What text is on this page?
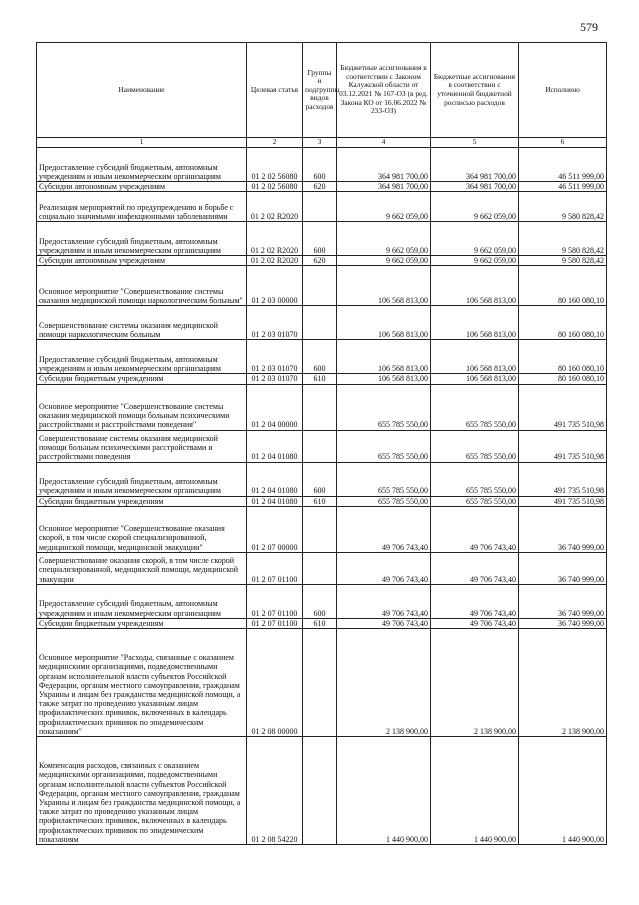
579
Наименование	Целевая статья	Группы и подгруппы видов расходов	Бюджетные ассигнования в соответствии с Законом Калужской области от 03.12.2021 № 167-ОЗ (в ред. Закона КО от 16.06.2022 № 233-ОЗ)	Бюджетные ассигнования в соответствии с уточненной бюджетной росписью расходов	Исполнено
1	2	3	4	5	6
Предоставление субсидий бюджетным, автономным учреждениям и иным некоммерческим организациям	01 2 02 56080	600	364 981 700,00	364 981 700,00	46 511 999,00
Субсидии автономным учреждениям	01 2 02 56080	620	364 981 700,00	364 981 700,00	46 511 999,00
Реализация мероприятий по предупреждению и борьбе с социально значимыми инфекционными заболеваниями	01 2 02 R2020		9 662 059,00	9 662 059,00	9 580 828,42
Предоставление субсидий бюджетным, автономным учреждениям и иным некоммерческим организациям	01 2 02 R2020	600	9 662 059,00	9 662 059,00	9 580 828,42
Субсидии автономным учреждениям	01 2 02 R2020	620	9 662 059,00	9 662 059,00	9 580 828,42
Основное мероприятие "Совершенствование системы оказания медицинской помощи наркологическим больным"	01 2 03 00000		106 568 813,00	106 568 813,00	80 160 080,10
Совершенствование системы оказания медицинской помощи наркологическим больным	01 2 03 01070		106 568 813,00	106 568 813,00	80 160 080,10
Предоставление субсидий бюджетным, автономным учреждениям и иным некоммерческим организациям	01 2 03 01070	600	106 568 813,00	106 568 813,00	80 160 080,10
Субсидии бюджетным учреждениям	01 2 03 01070	610	106 568 813,00	106 568 813,00	80 160 080,10
Основное мероприятие "Совершенствование системы оказания медицинской помощи больным психическими расстройствами и расстройствами поведения"	01 2 04 00000		655 785 550,00	655 785 550,00	491 735 510,98
Совершенствование системы оказания медицинской помощи больным психическими расстройствами и расстройствами поведения	01 2 04 01080		655 785 550,00	655 785 550,00	491 735 510,98
Предоставление субсидий бюджетным, автономным учреждениям и иным некоммерческим организациям	01 2 04 01080	600	655 785 550,00	655 785 550,00	491 735 510,98
Субсидии бюджетным учреждениям	01 2 04 01080	610	655 785 550,00	655 785 550,00	491 735 510,98
Основное мероприятие "Совершенствование оказания скорой, в том числе скорой специализированной, медицинской помощи, медицинской эвакуации"	01 2 07 00000		49 706 743,40	49 706 743,40	36 740 999,00
Совершенствование оказания скорой, в том числе скорой специализированной, медицинской помощи, медицинской эвакуации	01 2 07 01100		49 706 743,40	49 706 743,40	36 740 999,00
Предоставление субсидий бюджетным, автономным учреждениям и иным некоммерческим организациям	01 2 07 01100	600	49 706 743,40	49 706 743,40	36 740 999,00
Субсидии бюджетным учреждениям	01 2 07 01100	610	49 706 743,40	49 706 743,40	36 740 999,00
Основное мероприятие "Расходы, связанные с оказанием медицинскими организациями, подведомственными органам исполнительной власти субъектов Российской Федерации, органам местного самоуправления, гражданам Украины и лицам без гражданства медицинской помощи, а также затрат по проведению указанным лицам профилактических прививок, включенных в календарь профилактических прививок по эпидемическим показаниям"	01 2 08 00000		2 138 900,00	2 138 900,00	2 138 900,00
Компенсация расходов, связанных с оказанием медицинскими организациями, подведомственными органам исполнительной власти субъектов Российской Федерации, органам местного самоуправления, гражданам Украины и лицам без гражданства медицинской помощи, а также затрат по проведению указанным лицам профилактических прививок, включенных в календарь профилактических прививок по эпидемическим показаниям	01 2 08 54220		1 440 900,00	1 440 900,00	1 440 900,00
